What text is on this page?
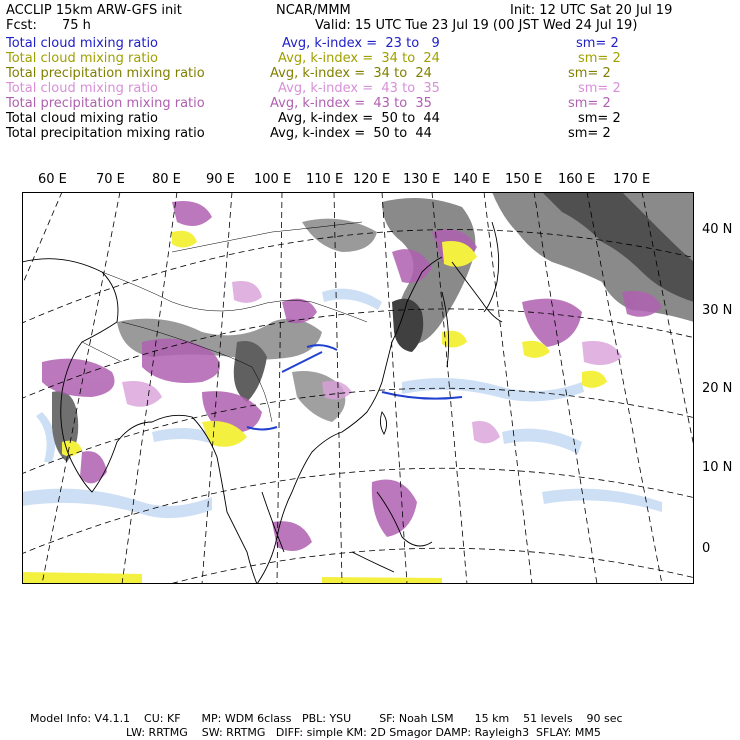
ACCLIP 15km ARW-GFS init	NCAR/MMM	Init: 12 UTC Sat 20 Jul 19
Fcst: 75 h	Valid: 15 UTC Tue 23 Jul 19 (00 JST Wed 24 Jul 19)
Total cloud mixing ratio	Avg, k-index =  23 to   9	sm= 2
Total cloud mixing ratio	Avg, k-index =  34 to  24	sm= 2
Total precipitation mixing ratio	Avg, k-index =  34 to  24	sm= 2
Total cloud mixing ratio	Avg, k-index =  43 to  35	sm= 2
Total precipitation mixing ratio	Avg, k-index =  43 to  35	sm= 2
Total cloud mixing ratio	Avg, k-index =  50 to  44	sm= 2
Total precipitation mixing ratio	Avg, k-index =  50 to  44	sm= 2
60 E 70 E 80 E 90 E 100 E 110 E 120 E 130 E 140 E 150 E 160 E 170 E
40 N
30 N
20 N
10 N
0
Model Info: V4.1.1    CU: KF      MP: WDM 6class   PBL: YSU        SF: Noah LSM      15 km    51 levels    90 sec
LW: RRTMG    SW: RRTMG   DIFF: simple KM: 2D Smagor DAMP: Rayleigh3  SFLAY: MM5
